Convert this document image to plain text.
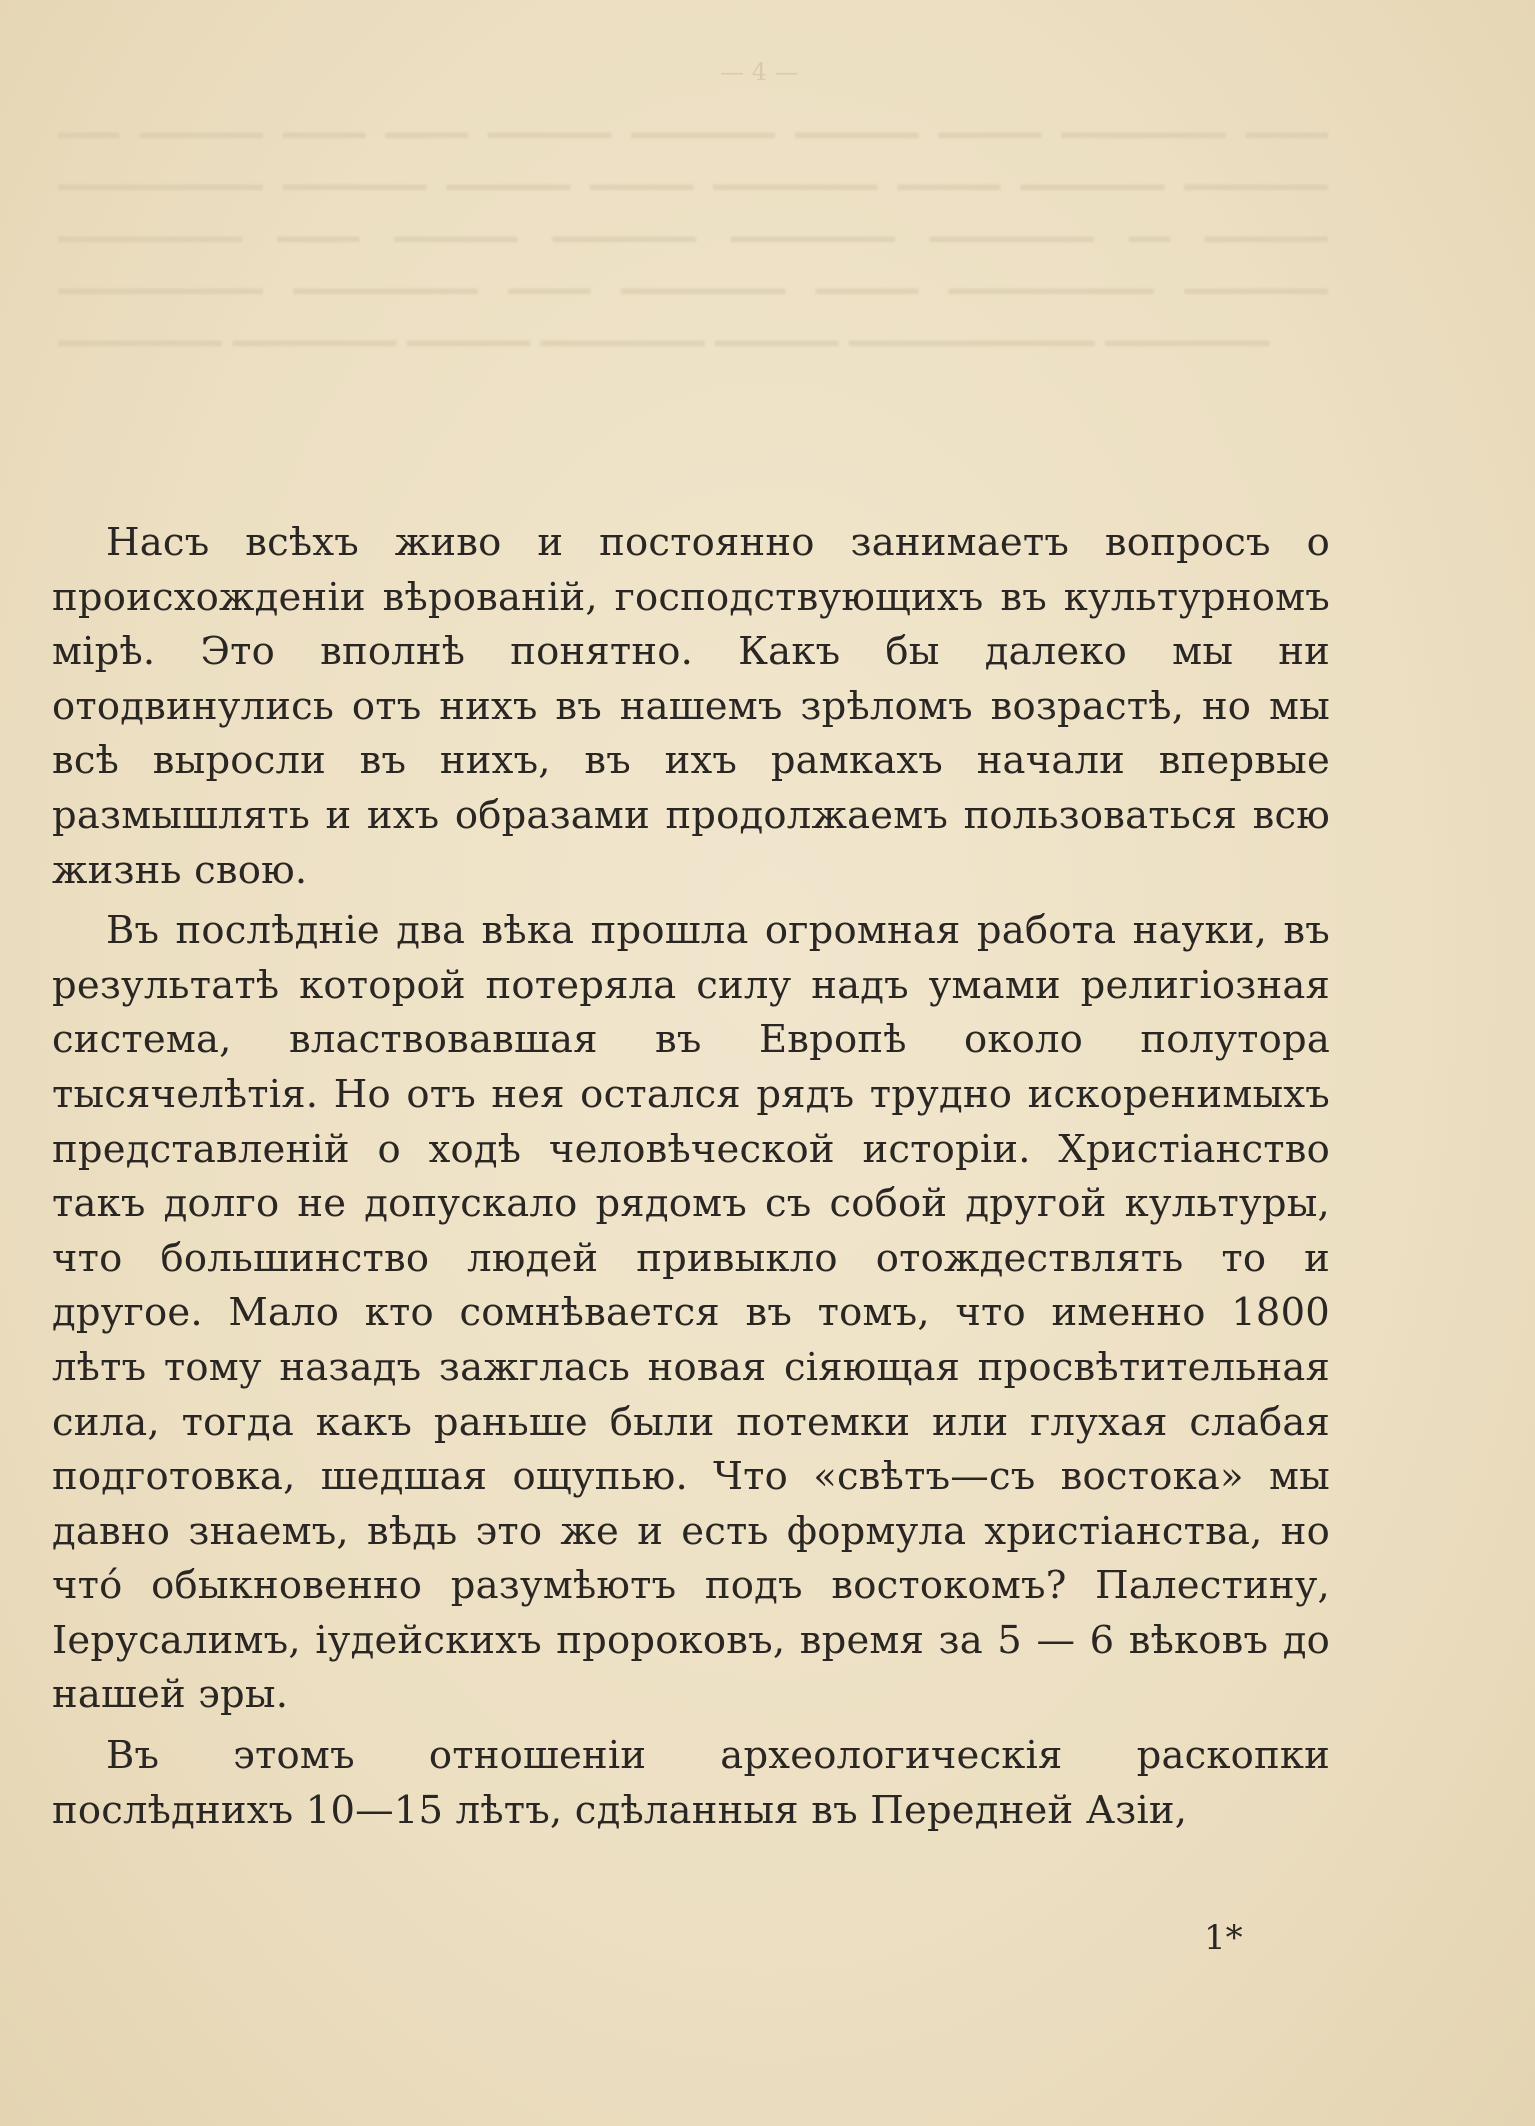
— 4 —
━━━ ━━━━━━ ━━━━ ━━━━ ━━━━━━ ━━━━━━━ ━━━━━━ ━━━━━ ━━━━━━━━ ━━━━ ━━━━━━━━━━ ━━━━━━━ ━━━━━━ ━━━━━ ━━━━━━━━ ━━━━━ ━━━━━━━ ━━━━━━━ ━━━━━━━━━ ━━━━ ━━━━━━ ━━━━━━━ ━━━━━━━━ ━━━━━━━━ ━━ ━━━━━━ ━━━━━━━━━━ ━━━━━━━━━ ━━━━ ━━━━━━━━ ━━━━━ ━━━━━━━━━━ ━━━━━━━ ━━━━━━━━ ━━━━━━━━ ━━━━━━ ━━━━━━━━ ━━━━━━ ━━━━━━━━━━━━ ━━━━━━━━

Насъ всѣхъ живо и постоянно занимаетъ вопросъ о происхожденіи вѣрованій, господствующихъ въ культурномъ мірѣ. Это вполнѣ понятно. Какъ бы далеко мы ни отодвинулись отъ нихъ въ нашемъ зрѣломъ возрастѣ, но мы всѣ выросли въ нихъ, въ ихъ рамкахъ начали впервые размышлять и ихъ образами продолжаемъ пользоваться всю жизнь свою.

Въ послѣдніе два вѣка прошла огромная работа науки, въ результатѣ которой потеряла силу надъ умами религіозная система, властвовавшая въ Европѣ около полутора тысячелѣтія. Но отъ нея остался рядъ трудно искоренимыхъ представленій о ходѣ человѣческой исторіи. Христіанство такъ долго не допускало рядомъ съ собой другой культуры, что большинство людей привыкло отождествлять то и другое. Мало кто сомнѣвается въ томъ, что именно 1800 лѣтъ тому назадъ зажглась новая сіяющая просвѣтительная сила, тогда какъ раньше были потемки или глухая слабая подготовка, шедшая ощупью. Что «свѣтъ—съ востока» мы давно знаемъ, вѣдь это же и есть формула христіанства, но что́ обыкновенно разумѣютъ подъ востокомъ? Палестину, Іерусалимъ, іудейскихъ пророковъ, время за 5 — 6 вѣковъ до нашей эры.

Въ этомъ отношеніи археологическія раскопки послѣднихъ 10—15 лѣтъ, сдѣланныя въ Передней Азіи,

1*
